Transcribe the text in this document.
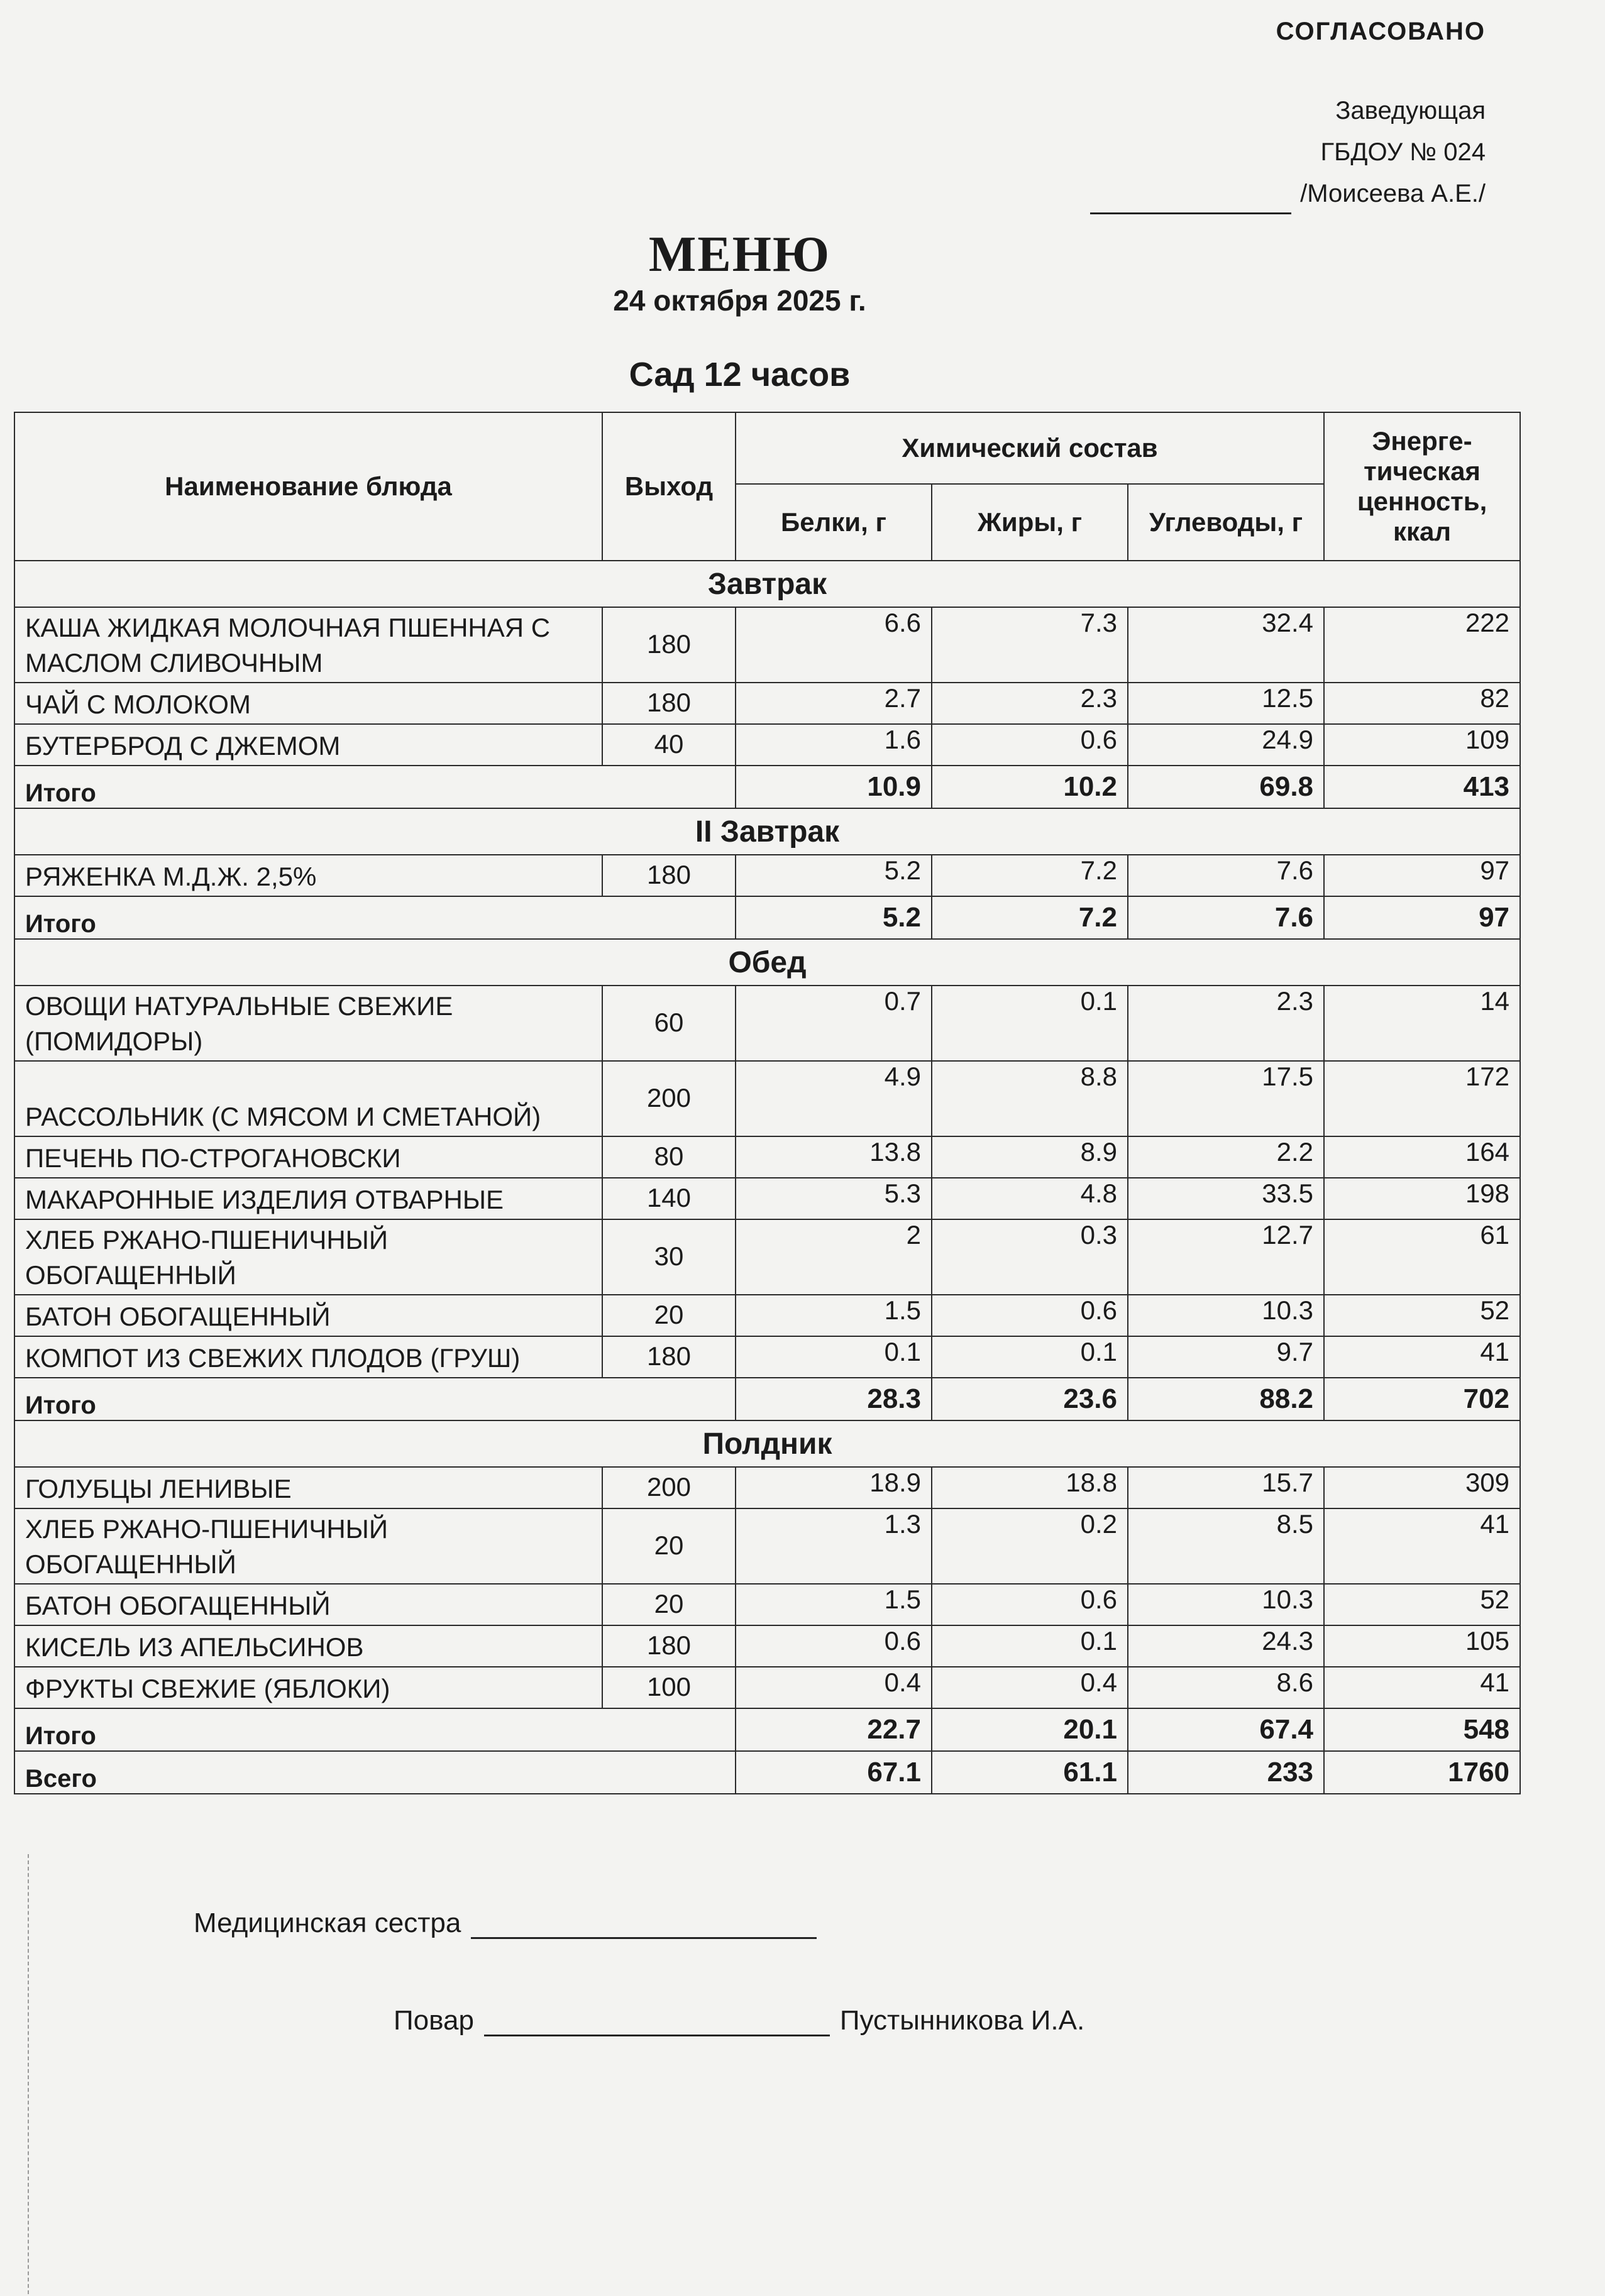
СОГЛАСОВАНО
Заведующая
ГБДОУ № 024
/Моисеева А.Е./
МЕНЮ
24 октября 2025 г.
Сад 12 часов
Наименование блюда	Выход	Химический состав			Энерге-тическая ценность, ккал
		Белки, г	Жиры, г	Углеводы, г	
Завтрак					
КАША ЖИДКАЯ МОЛОЧНАЯ ПШЕННАЯ С МАСЛОМ СЛИВОЧНЫМ	180	6.6	7.3	32.4	222
ЧАЙ С МОЛОКОМ	180	2.7	2.3	12.5	82
БУТЕРБРОД С ДЖЕМОМ	40	1.6	0.6	24.9	109
Итого		10.9	10.2	69.8	413
II Завтрак					
РЯЖЕНКА М.Д.Ж. 2,5%	180	5.2	7.2	7.6	97
Итого		5.2	7.2	7.6	97
Обед					
ОВОЩИ НАТУРАЛЬНЫЕ СВЕЖИЕ (ПОМИДОРЫ)	60	0.7	0.1	2.3	14
РАССОЛЬНИК (С МЯСОМ И СМЕТАНОЙ)	200	4.9	8.8	17.5	172
ПЕЧЕНЬ ПО-СТРОГАНОВСКИ	80	13.8	8.9	2.2	164
МАКАРОННЫЕ ИЗДЕЛИЯ ОТВАРНЫЕ	140	5.3	4.8	33.5	198
ХЛЕБ РЖАНО-ПШЕНИЧНЫЙ ОБОГАЩЕННЫЙ	30	2	0.3	12.7	61
БАТОН ОБОГАЩЕННЫЙ	20	1.5	0.6	10.3	52
КОМПОТ ИЗ СВЕЖИХ ПЛОДОВ (ГРУШ)	180	0.1	0.1	9.7	41
Итого		28.3	23.6	88.2	702
Полдник					
ГОЛУБЦЫ ЛЕНИВЫЕ	200	18.9	18.8	15.7	309
ХЛЕБ РЖАНО-ПШЕНИЧНЫЙ ОБОГАЩЕННЫЙ	20	1.3	0.2	8.5	41
БАТОН ОБОГАЩЕННЫЙ	20	1.5	0.6	10.3	52
КИСЕЛЬ ИЗ АПЕЛЬСИНОВ	180	0.6	0.1	24.3	105
ФРУКТЫ СВЕЖИЕ (ЯБЛОКИ)	100	0.4	0.4	8.6	41
Итого		22.7	20.1	67.4	548
Всего		67.1	61.1	233	1760
Медицинская сестра
Повар	Пустынникова И.А.
